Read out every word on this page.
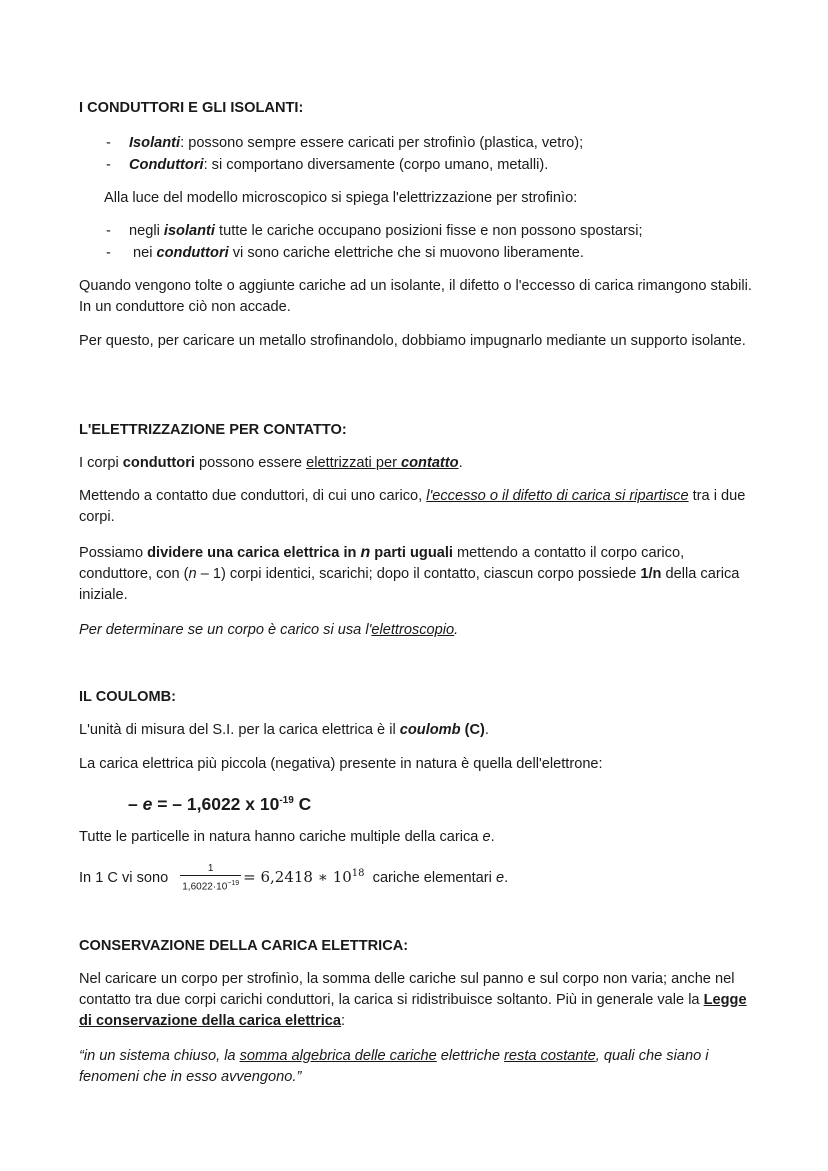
I CONDUTTORI E GLI ISOLANTI:
- Isolanti: possono sempre essere caricati per strofinìo (plastica, vetro);
- Conduttori: si comportano diversamente (corpo umano, metalli).

Alla luce del modello microscopico si spiega l'elettrizzazione per strofinìo:

- negli isolanti tutte le cariche occupano posizioni fisse e non possono spostarsi;
- nei conduttori vi sono cariche elettriche che si muovono liberamente.

Quando vengono tolte o aggiunte cariche ad un isolante, il difetto o l'eccesso di carica rimangono stabili. In un conduttore ciò non accade.

Per questo, per caricare un metallo strofinandolo, dobbiamo impugnarlo mediante un supporto isolante.

L'ELETTRIZZAZIONE PER CONTATTO:

I corpi conduttori possono essere elettrizzati per contatto.

Mettendo a contatto due conduttori, di cui uno carico, l'eccesso o il difetto di carica si ripartisce tra i due corpi.

Possiamo dividere una carica elettrica in n parti uguali mettendo a contatto il corpo carico, conduttore, con (n – 1) corpi identici, scarichi; dopo il contatto, ciascun corpo possiede 1/n della carica iniziale.

Per determinare se un corpo è carico si usa l'elettroscopio.

IL COULOMB:

L'unità di misura del S.I. per la carica elettrica è il coulomb (C).

La carica elettrica più piccola (negativa) presente in natura è quella dell'elettrone:

– e = – 1,6022 x $10^{-19}$ C

Tutte le particelle in natura hanno cariche multiple della carica e.

In 1 C vi sono $\frac{1}{1,6022\cdot 10^{-19}} = 6,2418$ ∗ $10^{18}$ cariche elementari e.

CONSERVAZIONE DELLA CARICA ELETTRICA:

Nel caricare un corpo per strofinìo, la somma delle cariche sul panno e sul corpo non varia; anche nel contatto tra due corpi carichi conduttori, la carica si ridistribuisce soltanto. Più in generale vale la Legge di conservazione della carica elettrica:

“in un sistema chiuso, la somma algebrica delle cariche elettriche resta costante, quali che siano i fenomeni che in esso avvengono.”
